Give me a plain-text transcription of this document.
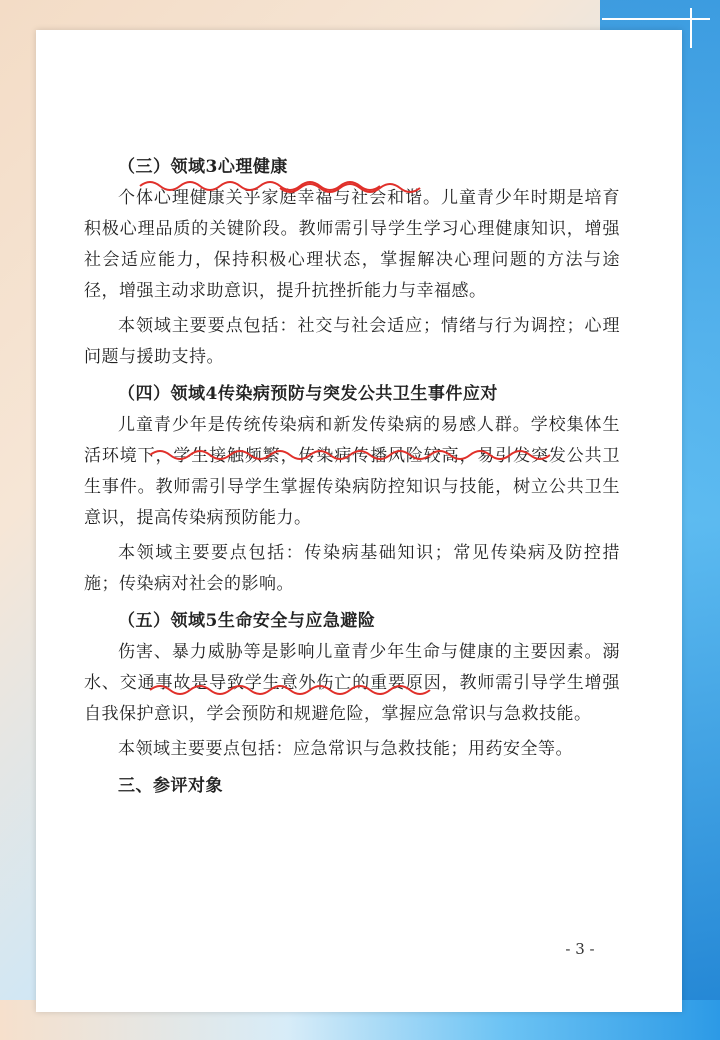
（三）领域3心理健康

个体心理健康关乎家庭幸福与社会和谐。儿童青少年时期是培育积极心理品质的关键阶段。教师需引导学生学习心理健康知识，增强社会适应能力，保持积极心理状态，掌握解决心理问题的方法与途径，增强主动求助意识，提升抗挫折能力与幸福感。

本领域主要要点包括：社交与社会适应；情绪与行为调控；心理问题与援助支持。

（四）领域4传染病预防与突发公共卫生事件应对

儿童青少年是传统传染病和新发传染病的易感人群。学校集体生活环境下，学生接触频繁，传染病传播风险较高，易引发突发公共卫生事件。教师需引导学生掌握传染病防控知识与技能，树立公共卫生意识，提高传染病预防能力。

本领域主要要点包括：传染病基础知识；常见传染病及防控措施；传染病对社会的影响。

（五）领域5生命安全与应急避险

伤害、暴力威胁等是影响儿童青少年生命与健康的主要因素。溺水、交通事故是导致学生意外伤亡的重要原因，教师需引导学生增强自我保护意识，学会预防和规避危险，掌握应急常识与急救技能。

本领域主要要点包括：应急常识与急救技能；用药安全等。

三、参评对象

- 3 -
